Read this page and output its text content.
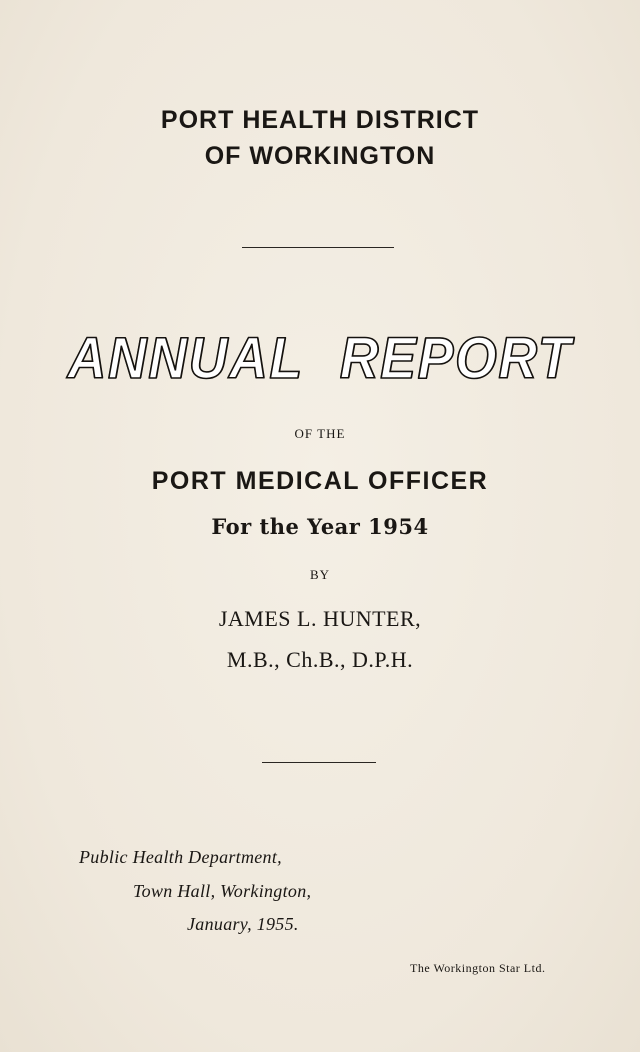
PORT HEALTH DISTRICT
OF WORKINGTON
ANNUAL REPORT
OF THE
PORT MEDICAL OFFICER
For the Year 1954
BY
JAMES L. HUNTER,
M.B., Ch.B., D.P.H.
Public Health Department,
Town Hall, Workington,
January, 1955.
The Workington Star Ltd.
